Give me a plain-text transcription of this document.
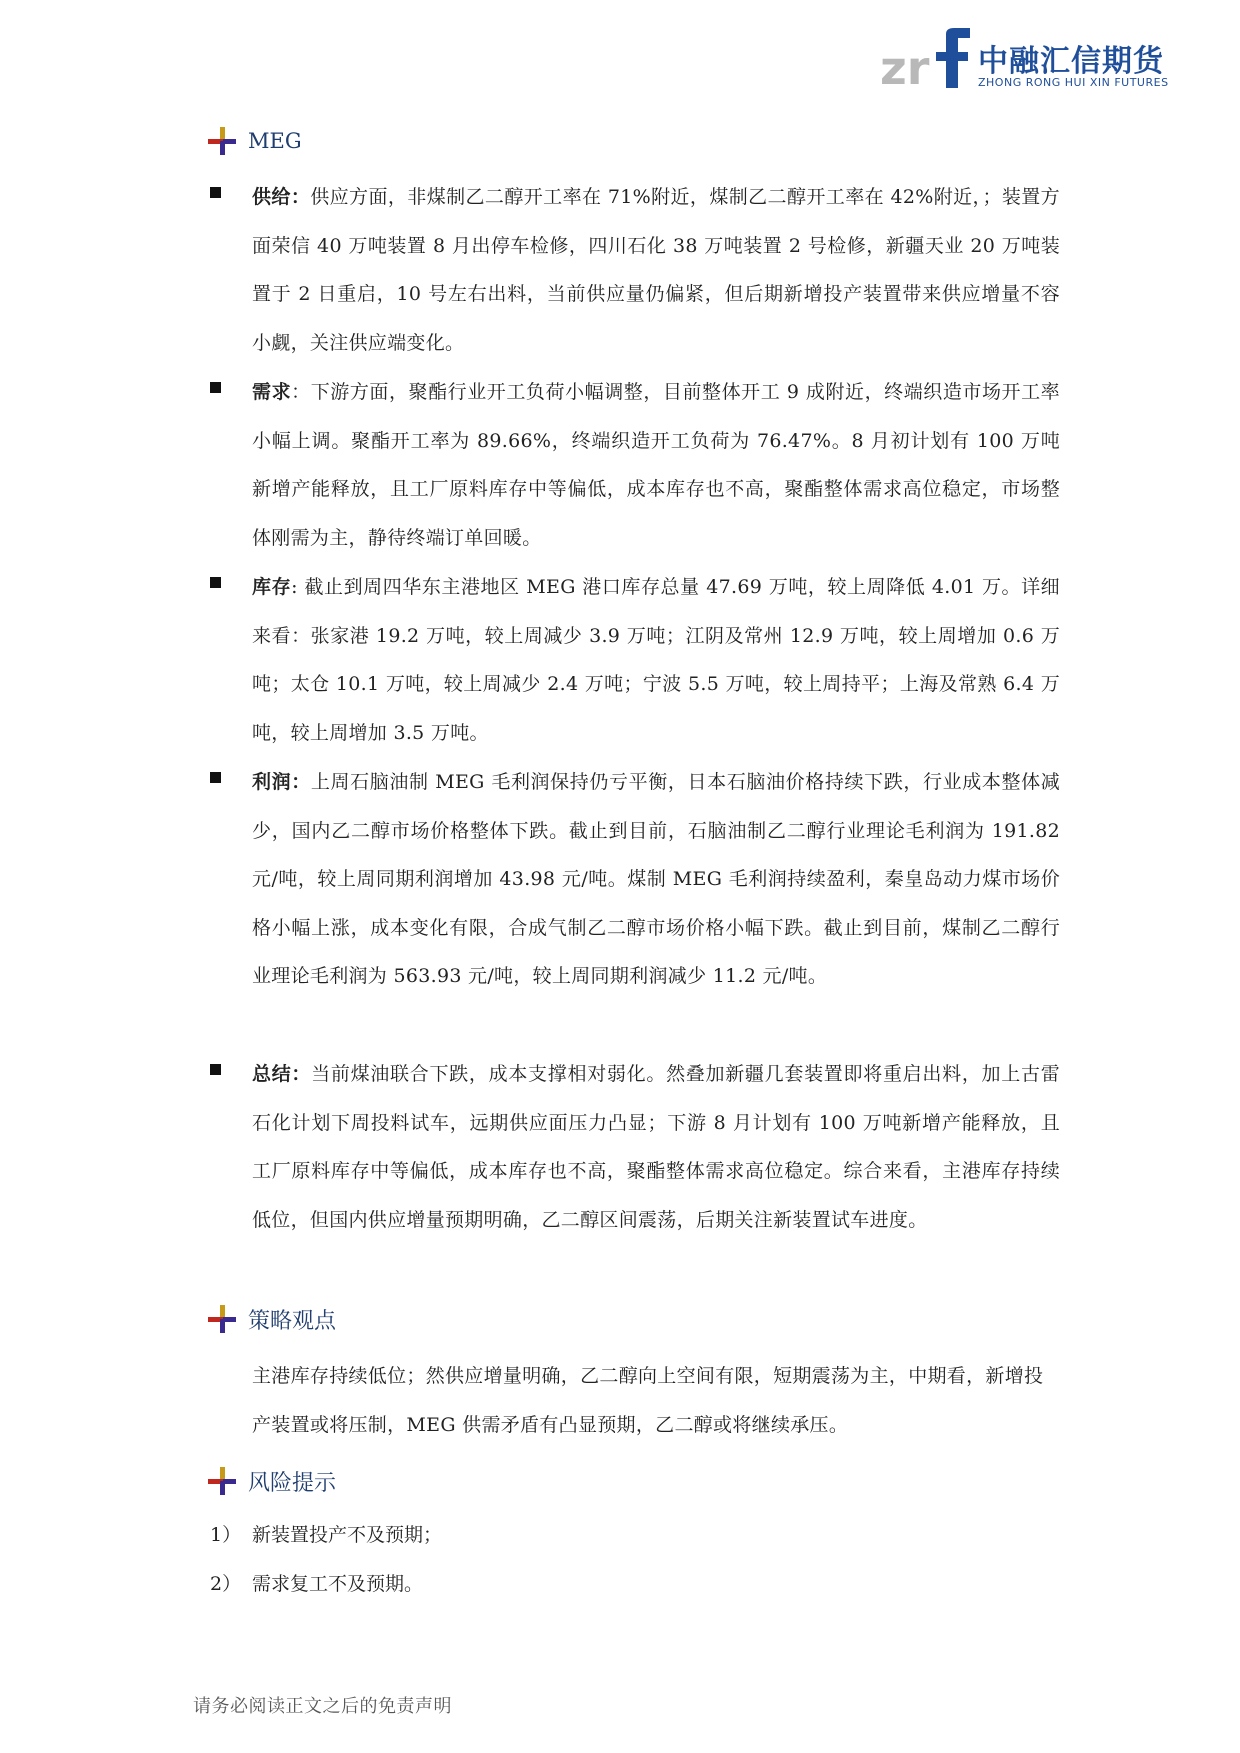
zr 中融汇信期货
ZHONG RONG HUI XIN FUTURES
MEG
供给：供应方面，非煤制乙二醇开工率在 71%附近，煤制乙二醇开工率在 42%附近，；装置方面荣信 40 万吨装置 8 月出停车检修，四川石化 38 万吨装置 2 号检修，新疆天业 20 万吨装置于 2 日重启，10 号左右出料，当前供应量仍偏紧，但后期新增投产装置带来供应增量不容小觑，关注供应端变化。
需求：下游方面，聚酯行业开工负荷小幅调整，目前整体开工 9 成附近，终端织造市场开工率小幅上调。聚酯开工率为 89.66%，终端织造开工负荷为 76.47%。8 月初计划有 100 万吨新增产能释放，且工厂原料库存中等偏低，成本库存也不高，聚酯整体需求高位稳定，市场整体刚需为主，静待终端订单回暖。
库存: 截止到周四华东主港地区 MEG 港口库存总量 47.69 万吨，较上周降低 4.01 万。详细来看：张家港 19.2 万吨，较上周减少 3.9 万吨；江阴及常州 12.9 万吨，较上周增加 0.6 万吨；太仓 10.1 万吨，较上周减少 2.4 万吨；宁波 5.5 万吨，较上周持平；上海及常熟 6.4 万吨，较上周增加 3.5 万吨。
利润：上周石脑油制 MEG 毛利润保持仍亏平衡，日本石脑油价格持续下跌，行业成本整体减少，国内乙二醇市场价格整体下跌。截止到目前，石脑油制乙二醇行业理论毛利润为 191.82 元/吨，较上周同期利润增加 43.98 元/吨。煤制 MEG 毛利润持续盈利，秦皇岛动力煤市场价格小幅上涨，成本变化有限，合成气制乙二醇市场价格小幅下跌。截止到目前，煤制乙二醇行业理论毛利润为 563.93 元/吨，较上周同期利润减少 11.2 元/吨。
总结：当前煤油联合下跌，成本支撑相对弱化。然叠加新疆几套装置即将重启出料，加上古雷石化计划下周投料试车，远期供应面压力凸显；下游 8 月计划有 100 万吨新增产能释放，且工厂原料库存中等偏低，成本库存也不高，聚酯整体需求高位稳定。综合来看，主港库存持续低位，但国内供应增量预期明确，乙二醇区间震荡，后期关注新装置试车进度。
策略观点
主港库存持续低位；然供应增量明确，乙二醇向上空间有限，短期震荡为主，中期看，新增投产装置或将压制，MEG 供需矛盾有凸显预期，乙二醇或将继续承压。
风险提示
1） 新装置投产不及预期；
2） 需求复工不及预期。
请务必阅读正文之后的免责声明
